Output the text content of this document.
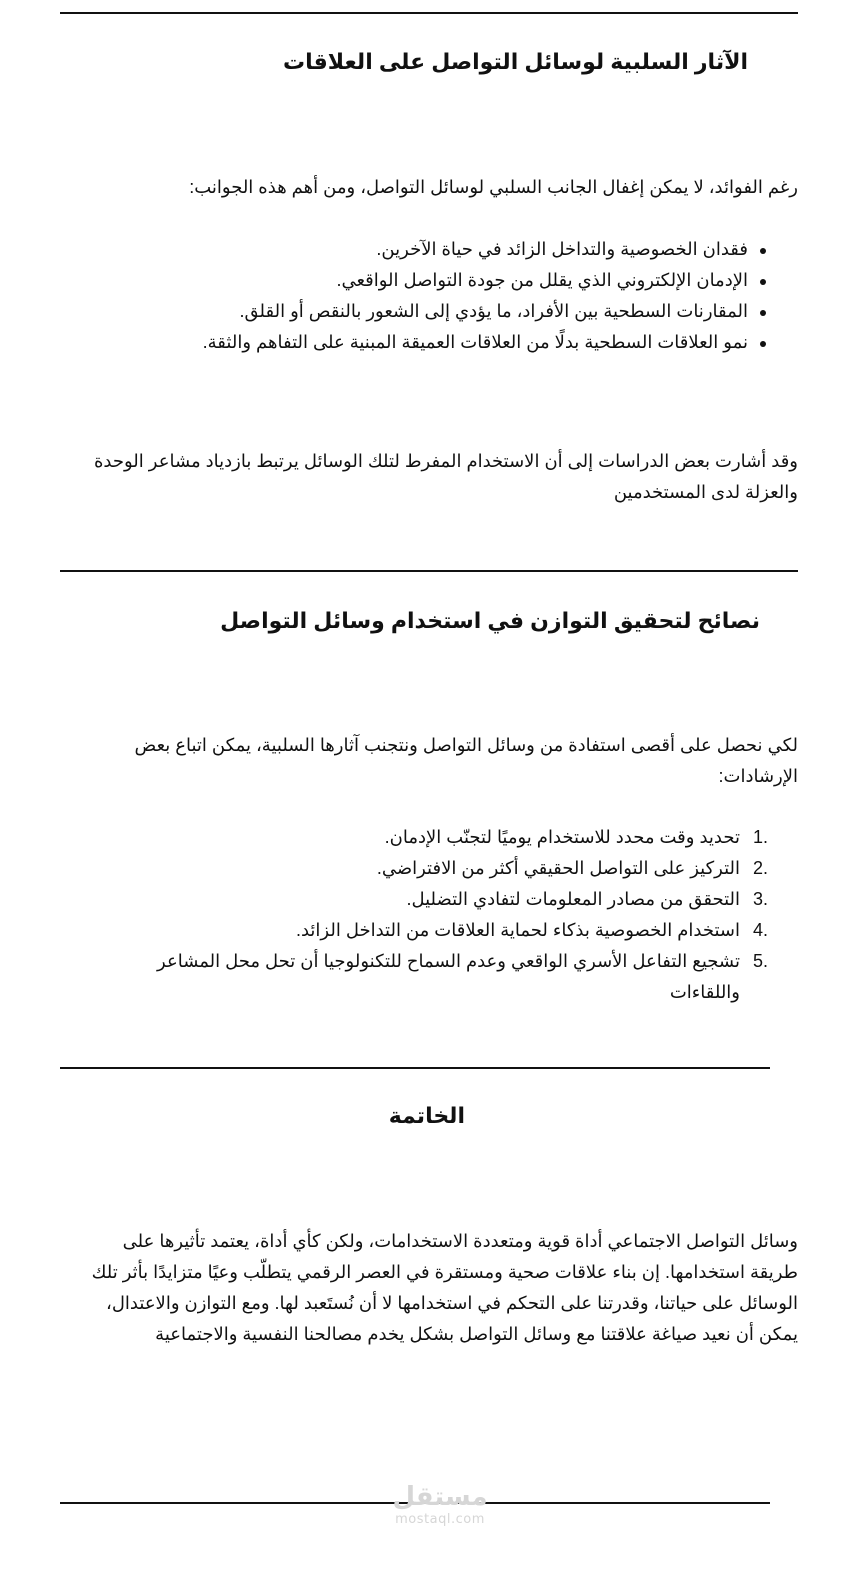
الآثار السلبية لوسائل التواصل على العلاقات

رغم الفوائد، لا يمكن إغفال الجانب السلبي لوسائل التواصل، ومن أهم هذه الجوانب:

فقدان الخصوصية والتداخل الزائد في حياة الآخرين.
الإدمان الإلكتروني الذي يقلل من جودة التواصل الواقعي.
المقارنات السطحية بين الأفراد، ما يؤدي إلى الشعور بالنقص أو القلق.
نمو العلاقات السطحية بدلًا من العلاقات العميقة المبنية على التفاهم والثقة.

وقد أشارت بعض الدراسات إلى أن الاستخدام المفرط لتلك الوسائل يرتبط بازدياد مشاعر الوحدة والعزلة لدى المستخدمين

نصائح لتحقيق التوازن في استخدام وسائل التواصل

لكي نحصل على أقصى استفادة من وسائل التواصل ونتجنب آثارها السلبية، يمكن اتباع بعض الإرشادات:

1.
تحديد وقت محدد للاستخدام يوميًا لتجنّب الإدمان.
2.
التركيز على التواصل الحقيقي أكثر من الافتراضي.
3.
التحقق من مصادر المعلومات لتفادي التضليل.
4.
استخدام الخصوصية بذكاء لحماية العلاقات من التداخل الزائد.
5.
تشجيع التفاعل الأسري الواقعي وعدم السماح للتكنولوجيا أن تحل محل المشاعر واللقاءات
الخاتمة

وسائل التواصل الاجتماعي أداة قوية ومتعددة الاستخدامات، ولكن كأي أداة، يعتمد تأثيرها على طريقة استخدامها. إن بناء علاقات صحية ومستقرة في العصر الرقمي يتطلّب وعيًا متزايدًا بأثر تلك الوسائل على حياتنا، وقدرتنا على التحكم في استخدامها لا أن نُستَعبد لها. ومع التوازن والاعتدال، يمكن أن نعيد صياغة علاقتنا مع وسائل التواصل بشكل يخدم مصالحنا النفسية والاجتماعية

مستقل
mostaql.com
